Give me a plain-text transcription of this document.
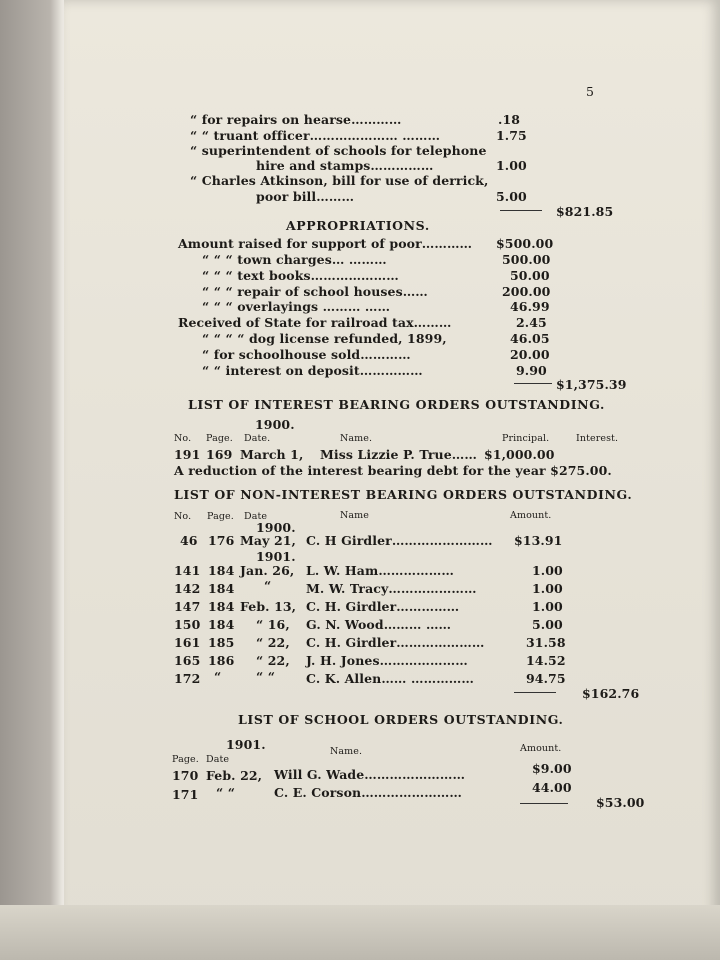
5
“ for repairs on hearse…………	.18
“ “ truant officer………………… ………	1.75
“ superintendent of schools for telephone
hire and stamps……………	1.00
“ Charles Atkinson, bill for use of derrick,
poor bill………	5.00
$821.85
APPROPRIATIONS.
Amount raised for support of poor………… $500.00
“ “ “ town charges… ………	500.00
“ “ “ text books…………………	50.00
“ “ “ repair of school houses……	200.00
“ “ “ overlayings ……… ……	46.99
Received of State for railroad tax………	2.45
“ “ “ “ dog license refunded, 1899,	46.05
“ for schoolhouse sold…………	20.00
“ “ interest on deposit……………	9.90
$1,375.39
LIST OF INTEREST BEARING ORDERS OUTSTANDING.
1900.
No. Page. Date.	Name.	Principal.	Interest.
191 169 March 1, Miss Lizzie P. True…… $1,000.00
A reduction of the interest bearing debt for the year $275.00.
LIST OF NON-INTEREST BEARING ORDERS OUTSTANDING.
No. Page. Date	Name	Amount.
1900.
46 176 May 21, C. H Girdler…………………… $13.91
1901.
141 184 Jan. 26, L. W. Ham………………	1.00
142 184 “	M. W. Tracy…………………	1.00
147 184 Feb. 13, C. H. Girdler……………	1.00
150 184 “ 16, G. N. Wood……… ……	5.00
161 185 “ 22, C. H. Girdler…………………	31.58
165 186 “ 22, J. H. Jones…………………	14.52
172 “	“ “ C. K. Allen…… ……………	94.75
$162.76
LIST OF SCHOOL ORDERS OUTSTANDING.
1901.
Page. Date
Name.	Amount.
170 Feb. 22, Will G. Wade……………………	$9.00
171 “ “	C. E. Corson……………………	44.00
$53.00
